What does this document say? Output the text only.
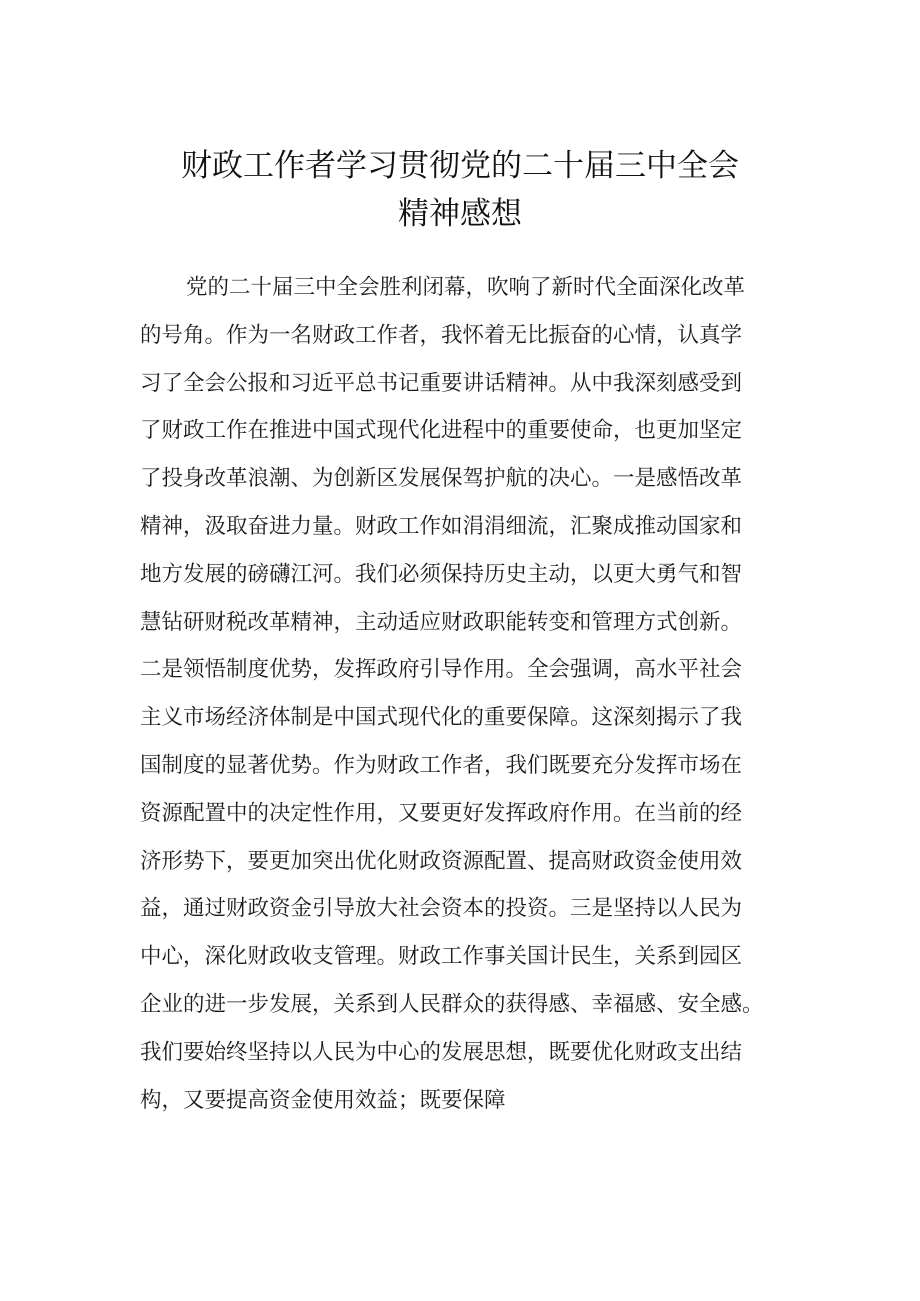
财政工作者学习贯彻党的二十届三中全会
精神感想
党的二十届三中全会胜利闭幕，吹响了新时代全面深化改革
的号角。作为一名财政工作者，我怀着无比振奋的心情，认真学
习了全会公报和习近平总书记重要讲话精神。从中我深刻感受到
了财政工作在推进中国式现代化进程中的重要使命，也更加坚定
了投身改革浪潮、为创新区发展保驾护航的决心。一是感悟改革
精神，汲取奋进力量。财政工作如涓涓细流，汇聚成推动国家和
地方发展的磅礴江河。我们必须保持历史主动，以更大勇气和智
慧钻研财税改革精神，主动适应财政职能转变和管理方式创新。
二是领悟制度优势，发挥政府引导作用。全会强调，高水平社会
主义市场经济体制是中国式现代化的重要保障。这深刻揭示了我
国制度的显著优势。作为财政工作者，我们既要充分发挥市场在
资源配置中的决定性作用，又要更好发挥政府作用。在当前的经
济形势下，要更加突出优化财政资源配置、提高财政资金使用效
益，通过财政资金引导放大社会资本的投资。三是坚持以人民为
中心，深化财政收支管理。财政工作事关国计民生，关系到园区
企业的进一步发展，关系到人民群众的获得感、幸福感、安全感。
我们要始终坚持以人民为中心的发展思想，既要优化财政支出结
构，又要提高资金使用效益；既要保障
